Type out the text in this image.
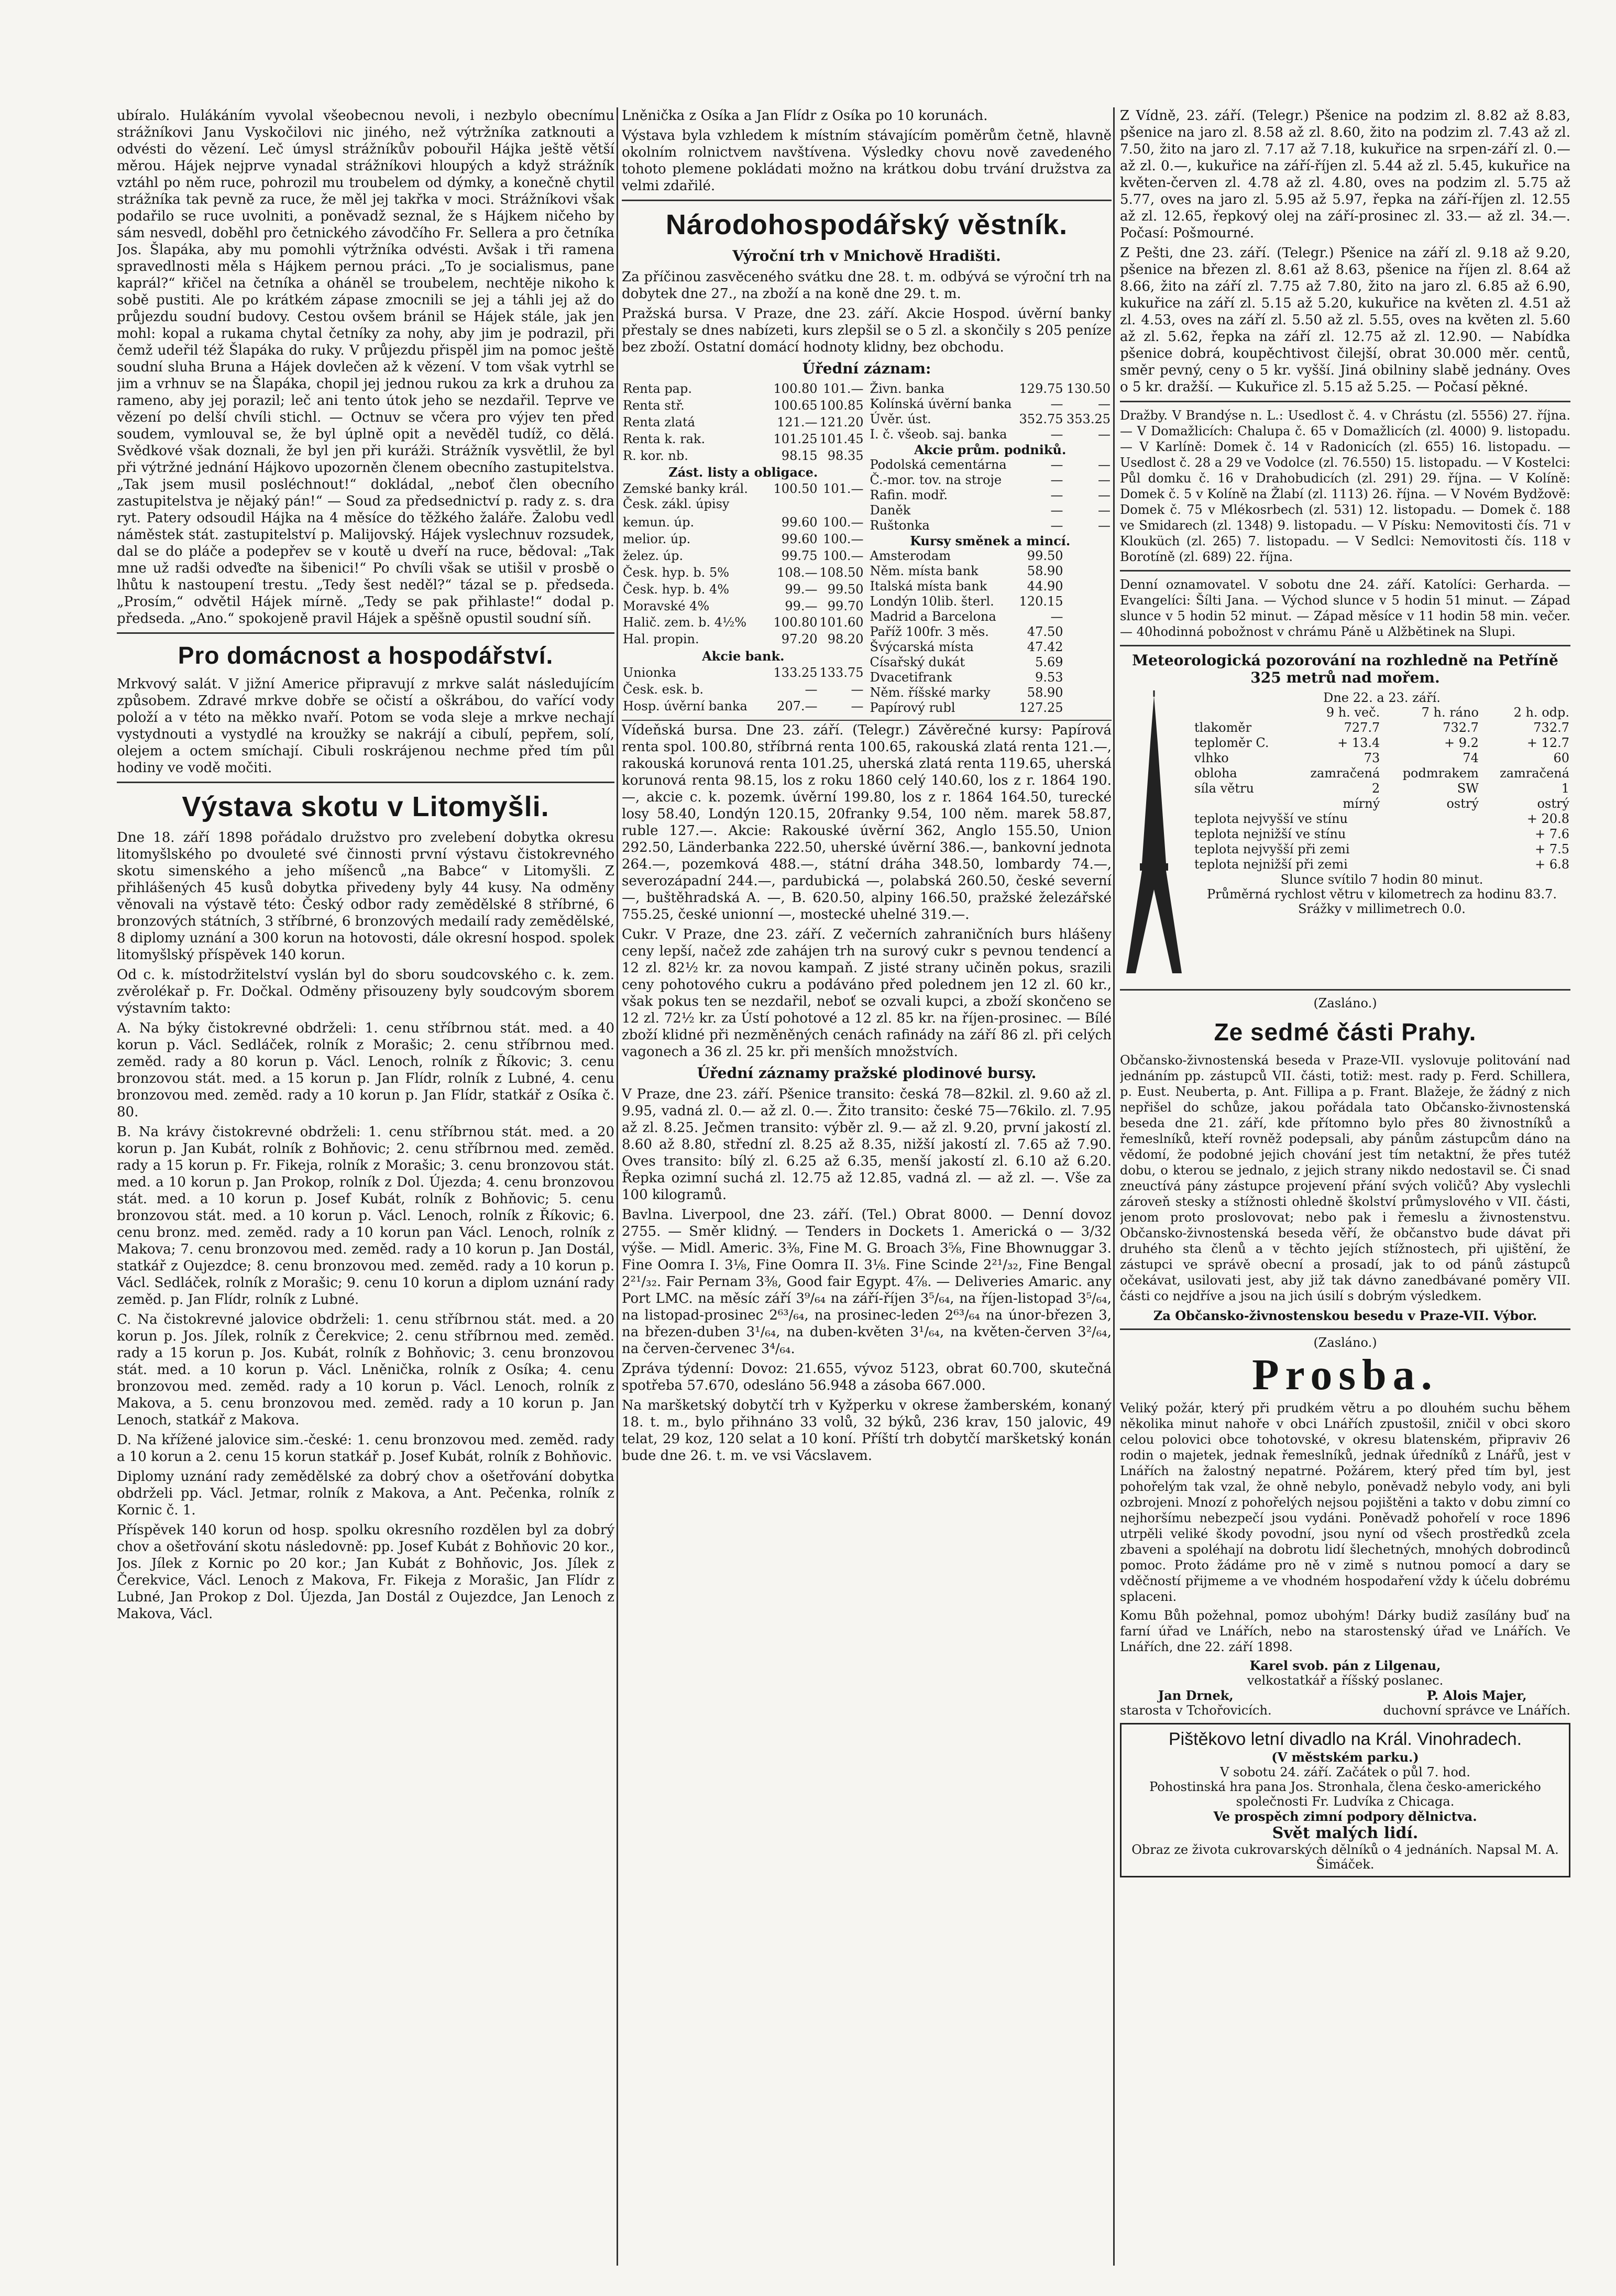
ubíralo. Hulákáním vyvolal všeobecnou nevoli, i nezbylo obecnímu strážníkovi Janu Vyskočilovi nic jiného, než výtržníka zatknouti a odvésti do vězení. Leč úmysl strážníkův pobouřil Hájka ještě větší měrou. Hájek nejprve vynadal strážníkovi hloupých a když strážník vztáhl po něm ruce, pohrozil mu troubelem od dýmky, a konečně chytil strážníka tak pevně za ruce, že měl jej takřka v moci. Strážníkovi však podařilo se ruce uvolniti, a poněvadž seznal, že s Hájkem ničeho by sám nesvedl, doběhl pro četnického závodčího Fr. Sellera a pro četníka Jos. Šlapáka, aby mu pomohli výtržníka odvésti. Avšak i tři ramena spravedlnosti měla s Hájkem pernou práci. „To je socialismus, pane kaprál?“ křičel na četníka a oháněl se troubelem, nechtěje nikoho k sobě pustiti. Ale po krátkém zápase zmocnili se jej a táhli jej až do průjezdu soudní budovy. Cestou ovšem bránil se Hájek stále, jak jen mohl: kopal a rukama chytal četníky za nohy, aby jim je podrazil, při čemž udeřil též Šlapáka do ruky. V průjezdu přispěl jim na pomoc ještě soudní sluha Bruna a Hájek dovlečen až k vězení. V tom však vytrhl se jim a vrhnuv se na Šlapáka, chopil jej jednou rukou za krk a druhou za rameno, aby jej porazil; leč ani tento útok jeho se nezdařil. Teprve ve vězení po delší chvíli stichl. — Octnuv se včera pro výjev ten před soudem, vymlouval se, že byl úplně opit a nevěděl tudíž, co dělá. Svědkové však doznali, že byl jen při kuráži. Strážník vysvětlil, že byl při výtržné jednání Hájkovo upozorněn členem obecního zastupitelstva. „Tak jsem musil posléchnout!“ dokládal, „neboť člen obecního zastupitelstva je nějaký pán!“ — Soud za předsednictví p. rady z. s. dra ryt. Patery odsoudil Hájka na 4 měsíce do těžkého žaláře. Žalobu vedl náměstek stát. zastupitelství p. Malijovský. Hájek vyslechnuv rozsudek, dal se do pláče a podepřev se v koutě u dveří na ruce, bědoval: „Tak mne už radši odveďte na šibenici!“ Po chvíli však se utišil v prosbě o lhůtu k nastoupení trestu. „Tedy šest neděl?“ tázal se p. předseda. „Prosím,“ odvětil Hájek mírně. „Tedy se pak přihlaste!“ dodal p. předseda. „Ano.“ spokojeně pravil Hájek a spěšně opustil soudní síň.

Pro domácnost a hospodářství.

Mrkvový salát. V jižní Americe připravují z mrkve salát následujícím způsobem. Zdravé mrkve dobře se očistí a oškrábou, do vařící vody položí a v této na měkko nvaří. Potom se voda sleje a mrkve nechají vystydnouti a vystydlé na kroužky se nakrájí a cibulí, pepřem, solí, olejem a octem smíchají. Cibuli roskrájenou nechme před tím půl hodiny ve vodě močiti.

Výstava skotu v Litomyšli.

Dne 18. září 1898 pořádalo družstvo pro zvelebení dobytka okresu litomyšlského po dvouleté své činnosti první výstavu čistokrevného skotu simenského a jeho míšenců „na Babce“ v Litomyšli. Z přihlášených 45 kusů dobytka přivedeny byly 44 kusy. Na odměny věnovali na výstavě této: Český odbor rady zemědělské 8 stříbrné, 6 bronzových státních, 3 stříbrné, 6 bronzových medailí rady zemědělské, 8 diplomy uznání a 300 korun na hotovosti, dále okresní hospod. spolek litomyšlský příspěvek 140 korun.

Od c. k. místodržitelství vyslán byl do sboru soudcovského c. k. zem. zvěrolékař p. Fr. Dočkal. Odměny přisouzeny byly soudcovým sborem výstavním takto:

A. Na býky čistokrevné obdrželi: 1. cenu stříbrnou stát. med. a 40 korun p. Václ. Sedláček, rolník z Morašic; 2. cenu stříbrnou med. zeměd. rady a 80 korun p. Václ. Lenoch, rolník z Říkovic; 3. cenu bronzovou stát. med. a 15 korun p. Jan Flídr, rolník z Lubné, 4. cenu bronzovou med. zeměd. rady a 10 korun p. Jan Flídr, statkář z Osíka č. 80.

B. Na krávy čistokrevné obdrželi: 1. cenu stříbrnou stát. med. a 20 korun p. Jan Kubát, rolník z Bohňovic; 2. cenu stříbrnou med. zeměd. rady a 15 korun p. Fr. Fikeja, rolník z Morašic; 3. cenu bronzovou stát. med. a 10 korun p. Jan Prokop, rolník z Dol. Újezda; 4. cenu bronzovou stát. med. a 10 korun p. Josef Kubát, rolník z Bohňovic; 5. cenu bronzovou stát. med. a 10 korun p. Václ. Lenoch, rolník z Říkovic; 6. cenu bronz. med. zeměd. rady a 10 korun pan Václ. Lenoch, rolník z Makova; 7. cenu bronzovou med. zeměd. rady a 10 korun p. Jan Dostál, statkář z Oujezdce; 8. cenu bronzovou med. zeměd. rady a 10 korun p. Václ. Sedláček, rolník z Morašic; 9. cenu 10 korun a diplom uznání rady zeměd. p. Jan Flídr, rolník z Lubné.

C. Na čistokrevné jalovice obdrželi: 1. cenu stříbrnou stát. med. a 20 korun p. Jos. Jílek, rolník z Čerekvice; 2. cenu stříbrnou med. zeměd. rady a 15 korun p. Jos. Kubát, rolník z Bohňovic; 3. cenu bronzovou stát. med. a 10 korun p. Václ. Lněnička, rolník z Osíka; 4. cenu bronzovou med. zeměd. rady a 10 korun p. Václ. Lenoch, rolník z Makova, a 5. cenu bronzovou med. zeměd. rady a 10 korun p. Jan Lenoch, statkář z Makova.

D. Na křížené jalovice sim.-české: 1. cenu bronzovou med. zeměd. rady a 10 korun a 2. cenu 15 korun statkář p. Josef Kubát, rolník z Bohňovic.

Diplomy uznání rady zemědělské za dobrý chov a ošetřování dobytka obdrželi pp. Václ. Jetmar, rolník z Makova, a Ant. Pečenka, rolník z Kornic č. 1.

Příspěvek 140 korun od hosp. spolku okresního rozdělen byl za dobrý chov a ošetřování skotu následovně: pp. Josef Kubát z Bohňovic 20 kor., Jos. Jílek z Kornic po 20 kor.; Jan Kubát z Bohňovic, Jos. Jílek z Čerekvice, Václ. Lenoch z Makova, Fr. Fikeja z Morašic, Jan Flídr z Lubné, Jan Prokop z Dol. Újezda, Jan Dostál z Oujezdce, Jan Lenoch z Makova, Václ.

Lněnička z Osíka a Jan Flídr z Osíka po 10 korunách.

Výstava byla vzhledem k místním stávajícím poměrům četně, hlavně okolním rolnictvem navštívena. Výsledky chovu nově zavedeného tohoto plemene pokládati možno na krátkou dobu trvání družstva za velmi zdařilé.

Národohospodářský věstník.
Výroční trh v Mnichově Hradišti.

Za příčinou zasvěceného svátku dne 28. t. m. odbývá se výroční trh na dobytek dne 27., na zboží a na koně dne 29. t. m.

Pražská bursa. V Praze, dne 23. září. Akcie Hospod. úvěrní banky přestaly se dnes nabízeti, kurs zlepšil se o 5 zl. a skončily s 205 peníze bez zboží. Ostatní domácí hodnoty klidny, bez obchodu.

Úřední záznam:
Renta pap.	100.80	101.—
Renta stř.	100.65	100.85
Renta zlatá	121.—	121.20
Renta k. rak.	101.25	101.45
R. kor. nb.	98.15	98.35
Zást. listy a obligace.		
Zemské banky král. Česk. zákl. úpisy	100.50	101.—
kemun. úp.	99.60	100.—
melior. úp.	99.60	100.—
želez. úp.	99.75	100.—
Česk. hyp. b. 5%	108.—	108.50
Česk. hyp. b. 4%	99.—	99.50
Moravské 4%	99.—	99.70
Halič. zem. b. 4½%	100.80	101.60
Hal. propin.	97.20	98.20
Akcie bank.		
Unionka	133.25	133.75
Česk. esk. b.	—	—
Hosp. úvěrní banka	207.—	—
Živn. banka	129.75	130.50
Kolínská úvěrní banka	—	—
Úvěr. úst.	352.75	353.25
I. č. všeob. saj. banka	—	—
Akcie prům. podniků.		
Podolská cementárna	—	—
Č.-mor. tov. na stroje	—	—
Rafin. modř.	—	—
Daněk	—	—
Ruštonka	—	—
Kursy směnek a mincí.		
Amsterodam	99.50	
Něm. místa bank	58.90	
Italská místa bank	44.90	
Londýn 10lib. šterl.	120.15	
Madrid a Barcelona	—	
Paříž 100fr. 3 měs.	47.50	
Švýcarská místa	47.42	
Císařský dukát	5.69	
Dvacetifrank	9.53	
Něm. říšské marky	58.90	
Papírový rubl	127.25	

Vídeňská bursa. Dne 23. září. (Telegr.) Závěrečné kursy: Papírová renta spol. 100.80, stříbrná renta 100.65, rakouská zlatá renta 121.—, rakouská korunová renta 101.25, uherská zlatá renta 119.65, uherská korunová renta 98.15, los z roku 1860 celý 140.60, los z r. 1864 190.—, akcie c. k. pozemk. úvěrní 199.80, los z r. 1864 164.50, turecké losy 58.40, Londýn 120.15, 20franky 9.54, 100 něm. marek 58.87, ruble 127.—. Akcie: Rakouské úvěrní 362, Anglo 155.50, Union 292.50, Länderbanka 222.50, uherské úvěrní 386.—, bankovní jednota 264.—, pozemková 488.—, státní dráha 348.50, lombardy 74.—, severozápadní 244.—, pardubická —, polabská 260.50, české severní —, buštěhradská A. —, B. 620.50, alpiny 166.50, pražské železářské 755.25, české unionní —, mostecké uhelné 319.—.

Cukr. V Praze, dne 23. září. Z večerních zahraničních burs hlášeny ceny lepší, načež zde zahájen trh na surový cukr s pevnou tendencí a 12 zl. 82½ kr. za novou kampaň. Z jisté strany učiněn pokus, srazili ceny pohotového cukru a podáváno před polednem jen 12 zl. 60 kr., však pokus ten se nezdařil, neboť se ozvali kupci, a zboží skončeno se 12 zl. 72½ kr. za Ústí pohotové a 12 zl. 85 kr. na říjen-prosinec. — Bílé zboží klidné při nezměněných cenách rafinády na září 86 zl. při celých vagonech a 36 zl. 25 kr. při menších množstvích.

Úřední záznamy pražské plodinové bursy.

V Praze, dne 23. září. Pšenice transito: česká 78—82kil. zl. 9.60 až zl. 9.95, vadná zl. 0.— až zl. 0.—. Žito transito: české 75—76kilo. zl. 7.95 až zl. 8.25. Ječmen transito: výběr zl. 9.— až zl. 9.20, první jakostí zl. 8.60 až 8.80, střední zl. 8.25 až 8.35, nižší jakostí zl. 7.65 až 7.90. Oves transito: bílý zl. 6.25 až 6.35, menší jakostí zl. 6.10 až 6.20. Řepka ozimní suchá zl. 12.75 až 12.85, vadná zl. — až zl. —. Vše za 100 kilogramů.

Bavlna. Liverpool, dne 23. září. (Tel.) Obrat 8000. — Denní dovoz 2755. — Směr klidný. — Tenders in Dockets 1. Americká o — 3/32 výše. — Midl. Americ. 3⅜, Fine M. G. Broach 3⅝, Fine Bhownuggar 3. Fine Oomra I. 3⅛, Fine Oomra II. 3⅛. Fine Scinde 2²¹/₃₂, Fine Bengal 2²¹/₃₂. Fair Pernam 3⅜, Good fair Egypt. 4⅞. — Deliveries Amaric. any Port LMC. na měsíc září 3⁹/₆₄ na září-říjen 3⁵/₆₄, na říjen-listopad 3⁵/₆₄, na listopad-prosinec 2⁶³/₆₄, na prosinec-leden 2⁶³/₆₄ na únor-březen 3, na březen-duben 3¹/₆₄, na duben-květen 3¹/₆₄, na květen-červen 3²/₆₄, na červen-červenec 3⁴/₆₄.

Zpráva týdenní: Dovoz: 21.655, vývoz 5123, obrat 60.700, skutečná spotřeba 57.670, odesláno 56.948 a zásoba 667.000.

Na maršketský dobytčí trh v Kyžperku v okrese žamberském, konaný 18. t. m., bylo přihnáno 33 volů, 32 býků, 236 krav, 150 jalovic, 49 telat, 29 koz, 120 selat a 10 koní. Příští trh dobytčí maršketský konán bude dne 26. t. m. ve vsi Vácslavem.

Z Vídně, 23. září. (Telegr.) Pšenice na podzim zl. 8.82 až 8.83, pšenice na jaro zl. 8.58 až zl. 8.60, žito na podzim zl. 7.43 až zl. 7.50, žito na jaro zl. 7.17 až 7.18, kukuřice na srpen-září zl. 0.— až zl. 0.—, kukuřice na září-říjen zl. 5.44 až zl. 5.45, kukuřice na květen-červen zl. 4.78 až zl. 4.80, oves na podzim zl. 5.75 až 5.77, oves na jaro zl. 5.95 až 5.97, řepka na září-říjen zl. 12.55 až zl. 12.65, řepkový olej na září-prosinec zl. 33.— až zl. 34.—. Počasí: Pošmourné.

Z Pešti, dne 23. září. (Telegr.) Pšenice na září zl. 9.18 až 9.20, pšenice na březen zl. 8.61 až 8.63, pšenice na říjen zl. 8.64 až 8.66, žito na září zl. 7.75 až 7.80, žito na jaro zl. 6.85 až 6.90, kukuřice na září zl. 5.15 až 5.20, kukuřice na květen zl. 4.51 až zl. 4.53, oves na září zl. 5.50 až zl. 5.55, oves na květen zl. 5.60 až zl. 5.62, řepka na září zl. 12.75 až zl. 12.90. — Nabídka pšenice dobrá, koupěchtivost čilejší, obrat 30.000 měr. centů, směr pevný, ceny o 5 kr. vyšší. Jiná obilniny slabě jednány. Oves o 5 kr. dražší. — Kukuřice zl. 5.15 až 5.25. — Počasí pěkné.

Dražby. V Brandýse n. L.: Usedlost č. 4. v Chrástu (zl. 5556) 27. října. — V Domažlicích: Chalupa č. 65 v Domažlicích (zl. 4000) 9. listopadu. — V Karlíně: Domek č. 14 v Radonicích (zl. 655) 16. listopadu. — Usedlost č. 28 a 29 ve Vodolce (zl. 76.550) 15. listopadu. — V Kostelci: Půl domku č. 16 v Drahobudicích (zl. 291) 29. října. — V Kolíně: Domek č. 5 v Kolíně na Žlabí (zl. 1113) 26. října. — V Novém Bydžově: Domek č. 75 v Mlékosrbech (zl. 531) 12. listopadu. — Domek č. 188 ve Smidarech (zl. 1348) 9. listopadu. — V Písku: Nemovitosti čís. 71 v Klouküch (zl. 265) 7. listopadu. — V Sedlci: Nemovitosti čís. 118 v Borotíně (zl. 689) 22. října.

Denní oznamovatel. V sobotu dne 24. září. Katolíci: Gerharda. — Evangelíci: Šílti Jana. — Východ slunce v 5 hodin 51 minut. — Západ slunce v 5 hodin 52 minut. — Západ měsíce v 11 hodin 58 min. večer. — 40hodinná pobožnost v chrámu Páně u Alžbětinek na Slupi.

Meteorologická pozorování na rozhledně na Petříně 325 metrů nad mořem.
Dne 22. a 23. září.
	9 h. več.	7 h. ráno	2 h. odp.
tlakoměr	727.7	732.7	732.7
teploměr C.	+ 13.4	+ 9.2	+ 12.7
vlhko	73	74	60
obloha	zamračená	podmrakem	zamračená
síla větru	2	SW	1
	mírný	ostrý	ostrý
teplota nejvyšší ve stínu	+ 20.8
teplota nejnižší ve stínu	+ 7.6
teplota nejvyšší při zemi	+ 7.5
teplota nejnižší při zemi	+ 6.8
Slunce svítilo 7 hodin 80 minut.
Průměrná rychlost větru v kilometrech za hodinu 83.7.
Srážky v millimetrech 0.0.
(Zasláno.)
Ze sedmé části Prahy.

Občansko-živnostenská beseda v Praze-VII. vyslovuje politování nad jednáním pp. zástupců VII. části, totiž: mest. rady p. Ferd. Schillera, p. Eust. Neuberta, p. Ant. Fillipa a p. Frant. Blažeje, že žádný z nich nepřišel do schůze, jakou pořádala tato Občansko-živnostenská beseda dne 21. září, kde přítomno bylo přes 80 živnostníků a řemeslníků, kteří rovněž podepsali, aby pánům zástupcům dáno na vědomí, že podobné jejich chování jest tím netaktní, že přes tutéž dobu, o kterou se jednalo, z jejich strany nikdo nedostavil se. Či snad zneuctívá pány zástupce projevení přání svých voličů? Aby vyslechli zároveň stesky a stížnosti ohledně školství průmyslového v VII. části, jenom proto proslovovat; nebo pak i řemeslu a živnostenstvu. Občansko-živnostenská beseda věří, že občanstvo bude dávat při druhého sta členů a v těchto jejích stížnostech, při ujištění, že zástupci ve správě obecní a prosadí, jak to od pánů zástupců očekávat, usilovati jest, aby již tak dávno zanedbávané poměry VII. části co nejdříve a jsou na jich úsilí s dobrým výsledkem.

Za Občansko-živnostenskou besedu v Praze-VII. Výbor.
(Zasláno.)
Prosba.

Veliký požár, který při prudkém větru a po dlouhém suchu během několika minut nahoře v obci Lnářích zpustošil, zničil v obci skoro celou polovici obce tohotovské, v okresu blatenském, připraviv 26 rodin o majetek, jednak řemeslníků, jednak úředníků z Lnářů, jest v Lnářích na žalostný nepatrné. Požárem, který před tím byl, jest pohořelým tak vzal, že ohně nebylo, poněvadž nebylo vody, ani byli ozbrojeni. Mnozí z pohořelých nejsou pojištěni a takto v dobu zimní co nejhoršímu nebezpečí jsou vydáni. Poněvadž pohořelí v roce 1896 utrpěli veliké škody povodní, jsou nyní od všech prostředků zcela zbaveni a spoléhají na dobrotu lidí šlechetných, mnohých dobrodinců pomoc. Proto žádáme pro ně v zimě s nutnou pomocí a dary se vděčností přijmeme a ve vhodném hospodaření vždy k účelu dobrému splaceni.

Komu Bůh požehnal, pomoz ubohým! Dárky budiž zasílány buď na farní úřad ve Lnářích, nebo na starostenský úřad ve Lnářích. Ve Lnářích, dne 22. září 1898.

Karel svob. pán z Lilgenau,
velkostatkář a říšský poslanec.
Jan Drnek,
starosta v Tchořovicích.
P. Alois Majer,
duchovní správce ve Lnářích.
Pištěkovo letní divadlo na Král. Vinohradech.
(V městském parku.)
V sobotu 24. září. Začátek o půl 7. hod.
Pohostinská hra pana Jos. Stronhala, člena česko-amerického společnosti Fr. Ludvíka z Chicaga.
Ve prospěch zimní podpory dělnictva.
Svět malých lidí.
Obraz ze života cukrovarských dělníků o 4 jednáních. Napsal M. A. Šimáček.
